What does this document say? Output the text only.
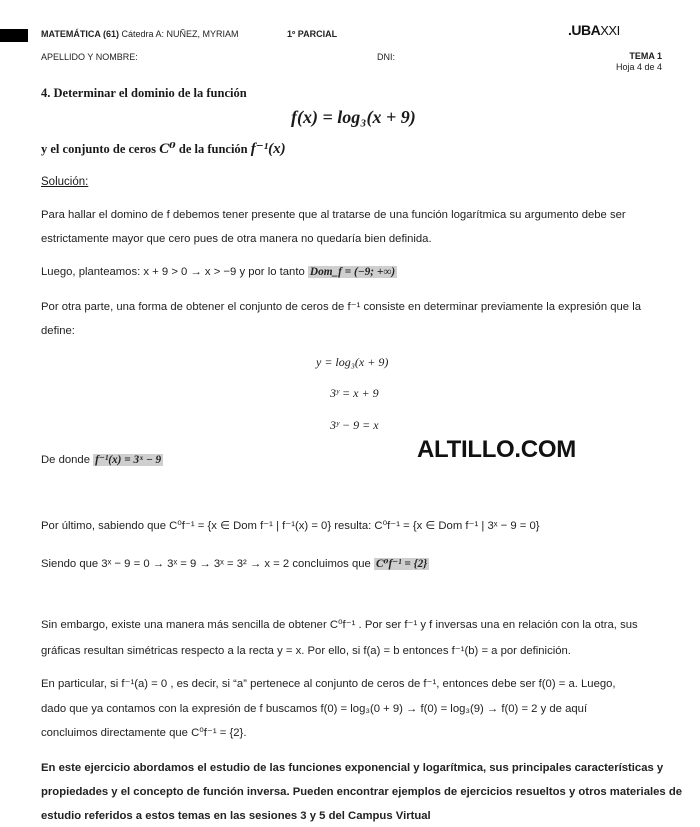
MATEMÁTICA (61) Cátedra A: NUÑEZ, MYRIAM	1º PARCIAL	.UBAXXI
APELLIDO Y NOMBRE:	DNI:	TEMA 1
Hoja 4 de 4
4. Determinar el dominio de la función
f(x) = log₃(x + 9)
y el conjunto de ceros C⁰ de la función f⁻¹(x)
Solución:
Para hallar el domino de f debemos tener presente que al tratarse de una función logarítmica su argumento debe ser
estrictamente mayor que cero pues de otra manera no quedaría bien definida.
Luego, planteamos: x + 9 > 0 → x > −9 y por lo tanto Dom_f = (−9; +∞)
Por otra parte, una forma de obtener el conjunto de ceros de f⁻¹ consiste en determinar previamente la expresión que la
define:
y = log₃(x + 9)
3ʸ = x + 9
3ʸ − 9 = x
De donde f⁻¹(x) = 3ˣ − 9	ALTILLO.COM
Por último, sabiendo que C⁰f⁻¹ = {x ∈ Dom f⁻¹ | f⁻¹(x) = 0} resulta: C⁰f⁻¹ = {x ∈ Dom f⁻¹ | 3ˣ − 9 = 0}
Siendo que 3ˣ − 9 = 0 → 3ˣ = 9 → 3ˣ = 3² → x = 2 concluimos que C⁰f⁻¹ = {2}
Sin embargo, existe una manera más sencilla de obtener C⁰f⁻¹ . Por ser f⁻¹ y f inversas una en relación con la otra, sus
gráficas resultan simétricas respecto a la recta y = x. Por ello, si f(a) = b entonces f⁻¹(b) = a por definición.
En particular, si f⁻¹(a) = 0 , es decir, si “a” pertenece al conjunto de ceros de f⁻¹, entonces debe ser f(0) = a. Luego,
dado que ya contamos con la expresión de f buscamos f(0) = log₃(0 + 9) → f(0) = log₃(9) → f(0) = 2 y de aquí
concluimos directamente que C⁰f⁻¹ = {2}.
En este ejercicio abordamos el estudio de las funciones exponencial y logarítmica, sus principales características y
propiedades y el concepto de función inversa. Pueden encontrar ejemplos de ejercicios resueltos y otros materiales de
estudio referidos a estos temas en las sesiones 3 y 5 del Campus Virtual
